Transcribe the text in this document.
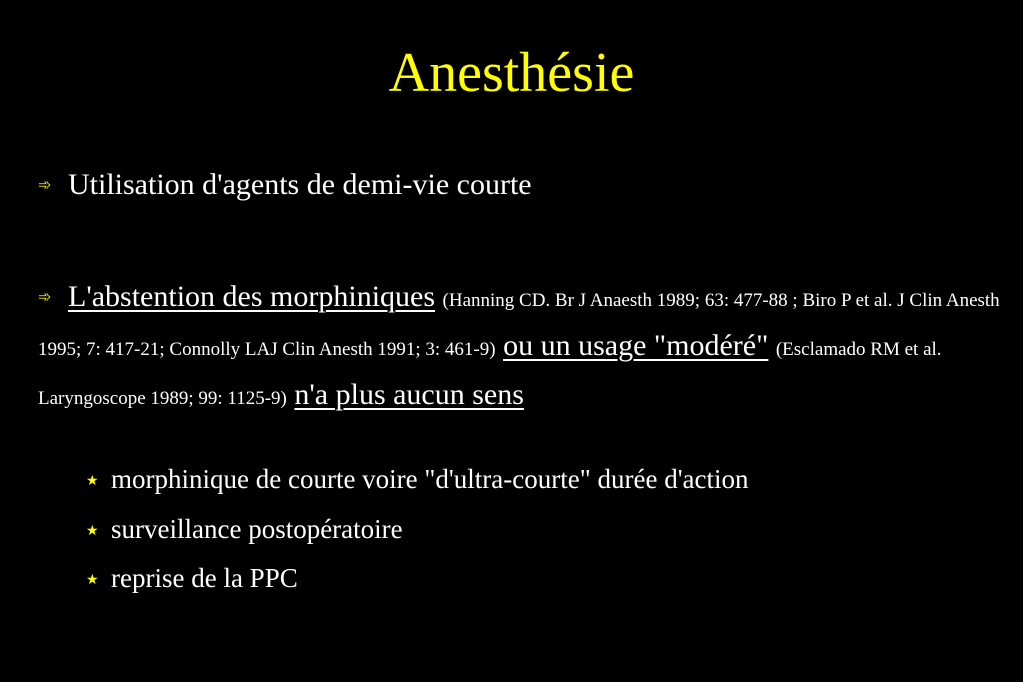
Anesthésie
➾ Utilisation d'agents de demi-vie courte
➾ L'abstention des morphiniques (Hanning CD. Br J Anaesth 1989; 63: 477-88 ; Biro P et al. J Clin Anesth 1995; 7: 417-21; Connolly LAJ Clin Anesth 1991; 3: 461-9) ou un usage "modéré" (Esclamado RM et al. Laryngoscope 1989; 99: 1125-9) n'a plus aucun sens
★ morphinique de courte voire "d'ultra-courte" durée d'action
★ surveillance postopératoire
★ reprise de la PPC
